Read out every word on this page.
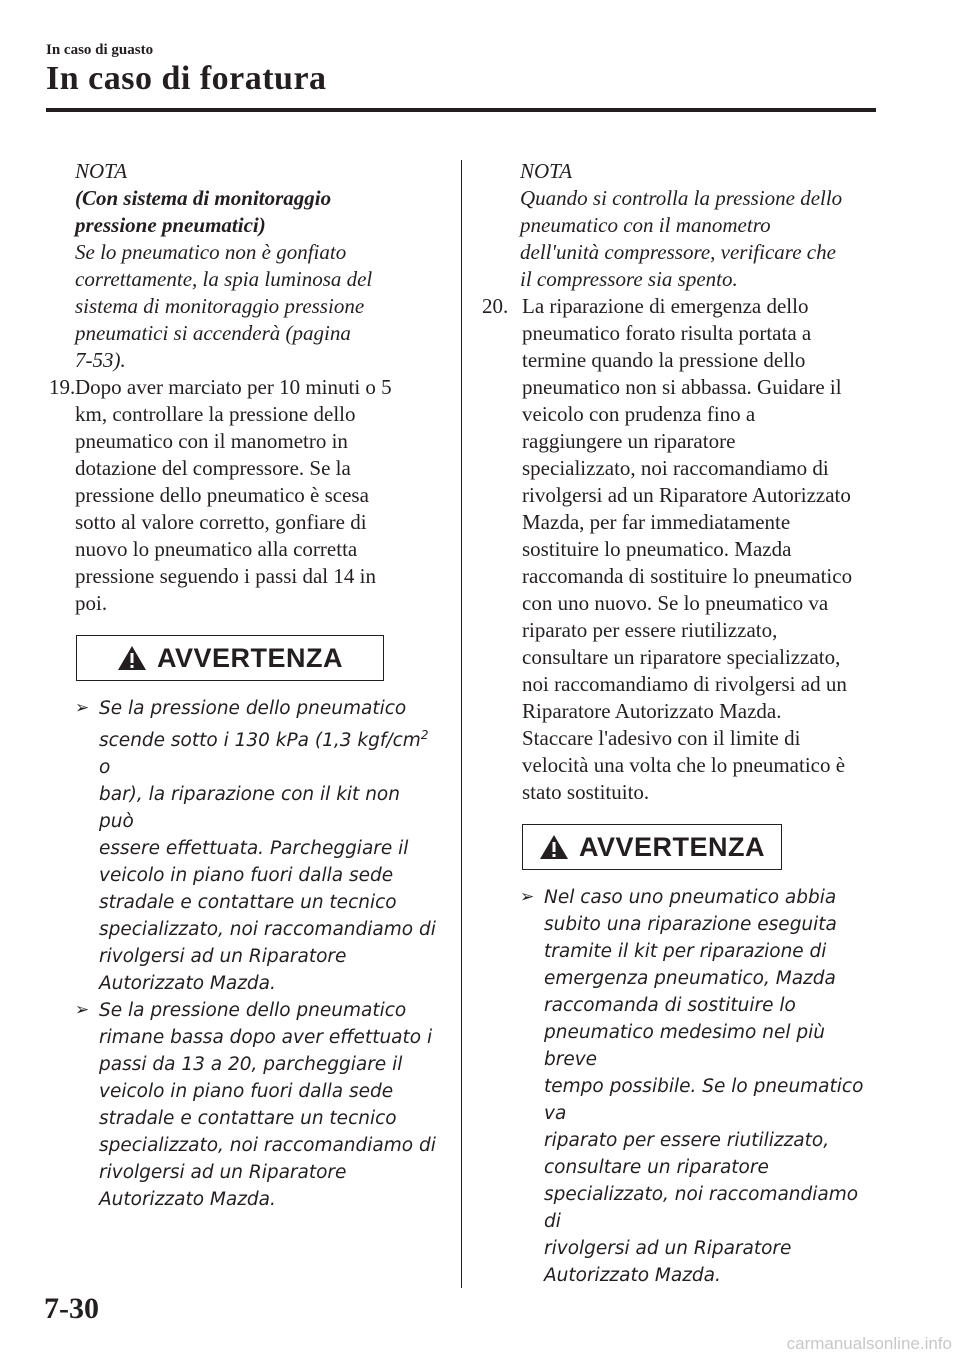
In caso di guasto
In caso di foratura
NOTA
(Con sistema di monitoraggio
pressione pneumatici)
Se lo pneumatico non è gonfiato
correttamente, la spia luminosa del
sistema di monitoraggio pressione
pneumatici si accenderà (pagina
7-53).
19. Dopo aver marciato per 10 minuti o 5
km, controllare la pressione dello
pneumatico con il manometro in
dotazione del compressore. Se la
pressione dello pneumatico è scesa
sotto al valore corretto, gonfiare di
nuovo lo pneumatico alla corretta
pressione seguendo i passi dal 14 in
poi.
AVVERTENZA
➢ Se la pressione dello pneumatico
scende sotto i 130 kPa (1,3 kgf/$cm^2$ o
bar), la riparazione con il kit non può
essere effettuata. Parcheggiare il
veicolo in piano fuori dalla sede
stradale e contattare un tecnico
specializzato, noi raccomandiamo di
rivolgersi ad un Riparatore
Autorizzato Mazda.
➢ Se la pressione dello pneumatico
rimane bassa dopo aver effettuato i
passi da 13 a 20, parcheggiare il
veicolo in piano fuori dalla sede
stradale e contattare un tecnico
specializzato, noi raccomandiamo di
rivolgersi ad un Riparatore
Autorizzato Mazda.
NOTA
Quando si controlla la pressione dello
pneumatico con il manometro
dell'unità compressore, verificare che
il compressore sia spento.
20. La riparazione di emergenza dello
pneumatico forato risulta portata a
termine quando la pressione dello
pneumatico non si abbassa. Guidare il
veicolo con prudenza fino a
raggiungere un riparatore
specializzato, noi raccomandiamo di
rivolgersi ad un Riparatore Autorizzato
Mazda, per far immediatamente
sostituire lo pneumatico. Mazda
raccomanda di sostituire lo pneumatico
con uno nuovo. Se lo pneumatico va
riparato per essere riutilizzato,
consultare un riparatore specializzato,
noi raccomandiamo di rivolgersi ad un
Riparatore Autorizzato Mazda.
Staccare l'adesivo con il limite di
velocità una volta che lo pneumatico è
stato sostituito.
AVVERTENZA
➢ Nel caso uno pneumatico abbia
subito una riparazione eseguita
tramite il kit per riparazione di
emergenza pneumatico, Mazda
raccomanda di sostituire lo
pneumatico medesimo nel più breve
tempo possibile. Se lo pneumatico va
riparato per essere riutilizzato,
consultare un riparatore
specializzato, noi raccomandiamo di
rivolgersi ad un Riparatore
Autorizzato Mazda.
7-30
carmanualsonline.info
